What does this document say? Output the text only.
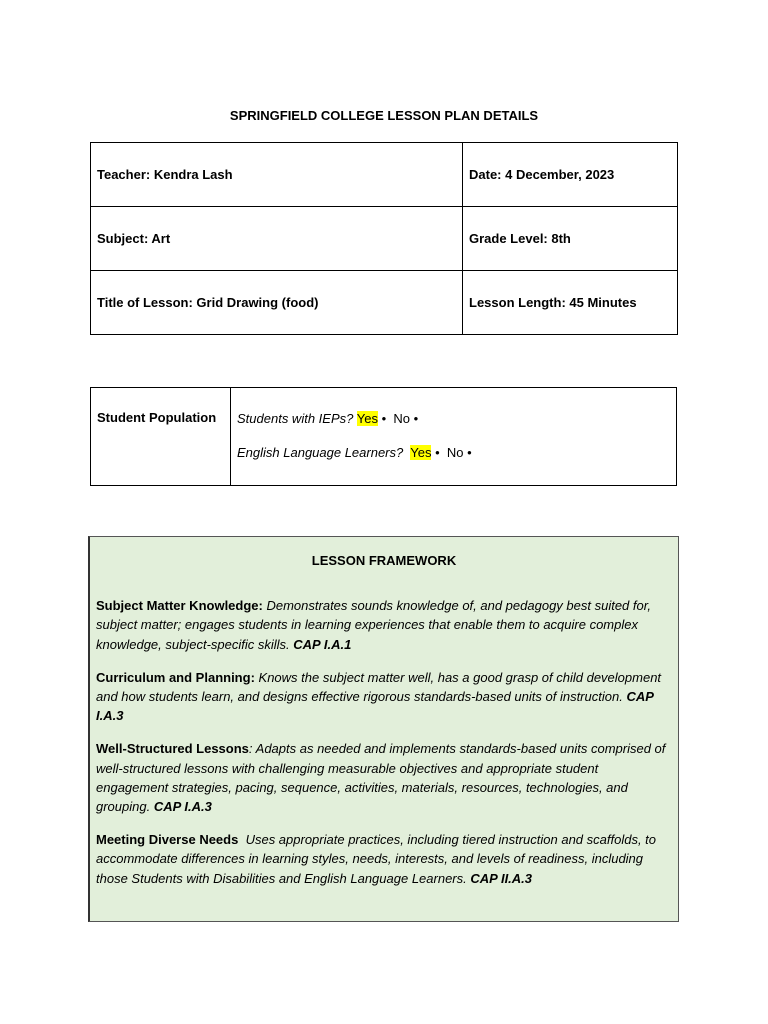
SPRINGFIELD COLLEGE LESSON PLAN DETAILS
Teacher: Kendra Lash	Date: 4 December, 2023
Subject: Art	Grade Level: 8th
Title of Lesson: Grid Drawing (food)	Lesson Length: 45 Minutes
Student Population	Students with IEPs? Yes • No •
English Language Learners? Yes • No •
LESSON FRAMEWORK

Subject Matter Knowledge: Demonstrates sounds knowledge of, and pedagogy best suited for, subject matter; engages students in learning experiences that enable them to acquire complex knowledge, subject-specific skills. CAP I.A.1

Curriculum and Planning: Knows the subject matter well, has a good grasp of child development and how students learn, and designs effective rigorous standards-based units of instruction. CAP I.A.3

Well-Structured Lessons: Adapts as needed and implements standards-based units comprised of well-structured lessons with challenging measurable objectives and appropriate student engagement strategies, pacing, sequence, activities, materials, resources, technologies, and grouping. CAP I.A.3

Meeting Diverse Needs Uses appropriate practices, including tiered instruction and scaffolds, to accommodate differences in learning styles, needs, interests, and levels of readiness, including those Students with Disabilities and English Language Learners. CAP II.A.3
